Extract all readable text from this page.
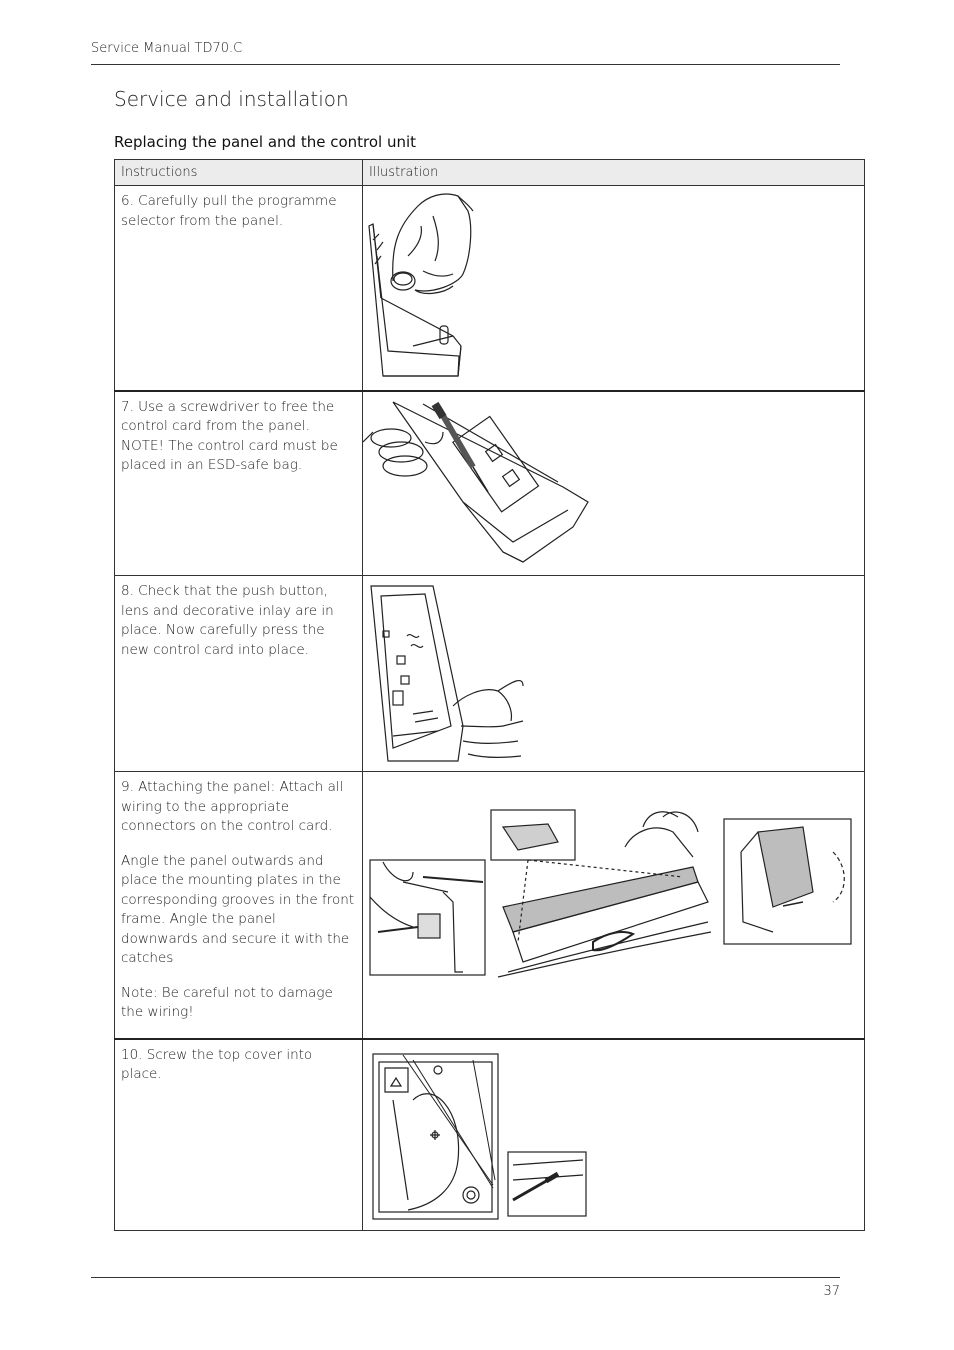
Service Manual TD70.C
Service and installation
Replacing the panel and the control unit
Instructions	Illustration

6. Carefully pull the programme selector from the panel.

7. Use a screwdriver to free the control card from the panel. NOTE! The control card must be placed in an ESD-safe bag.

8. Check that the push button, lens and decorative inlay are in place. Now carefully press the new control card into place.

9. Attaching the panel: Attach all wiring to the appropriate connectors on the control card.

Angle the panel outwards and place the mounting plates in the corresponding grooves in the front frame. Angle the panel downwards and secure it with the catches

Note: Be careful not to damage the wiring!

10. Screw the top cover into place.

37
